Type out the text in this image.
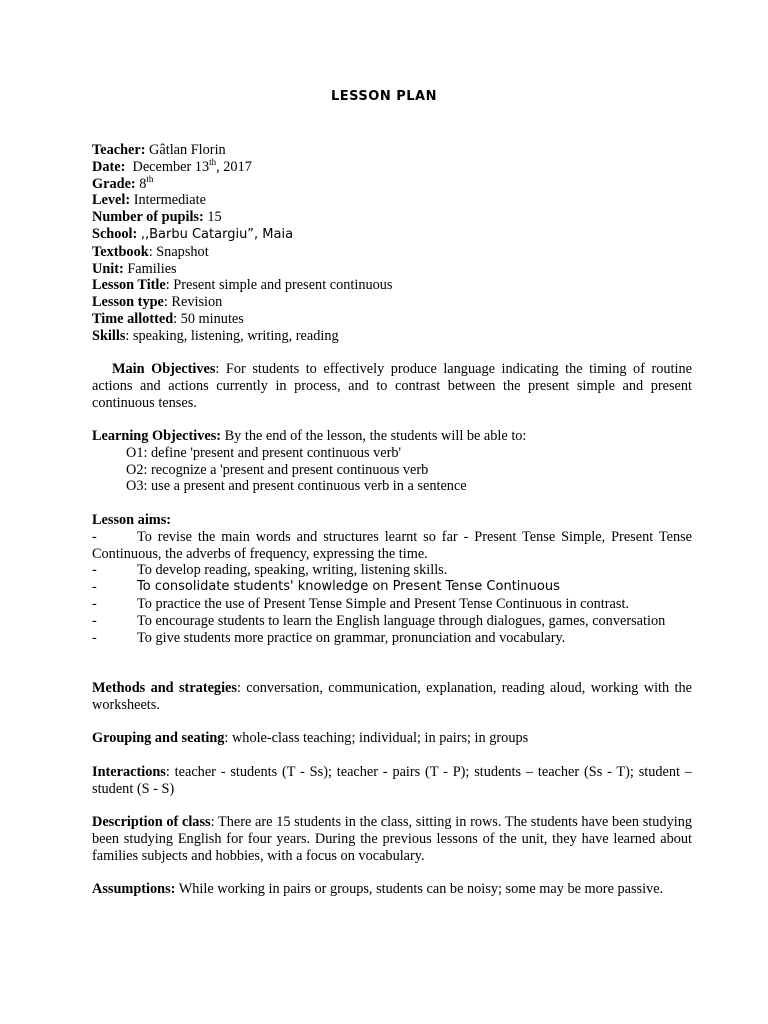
LESSON PLAN
Teacher: Gâtlan Florin
Date: December 13th, 2017
Grade: 8th
Level: Intermediate
Number of pupils: 15
School: ,,Barbu Catargiu”, Maia
Textbook: Snapshot
Unit: Families
Lesson Title: Present simple and present continuous
Lesson type: Revision
Time allotted: 50 minutes
Skills: speaking, listening, writing, reading
Main Objectives: For students to effectively produce language indicating the timing of routine actions and actions currently in process, and to contrast between the present simple and present continuous tenses.
Learning Objectives: By the end of the lesson, the students will be able to:
O1: define 'present and present continuous verb'
O2: recognize a 'present and present continuous verb
O3: use a present and present continuous verb in a sentence
Lesson aims:
-	To revise the main words and structures learnt so far - Present Tense Simple, Present Tense Continuous, the adverbs of frequency, expressing the time.
-	To develop reading, speaking, writing, listening skills.
-	To consolidate students' knowledge on Present Tense Continuous
-	To practice the use of Present Tense Simple and Present Tense Continuous in contrast.
-	To encourage students to learn the English language through dialogues, games, conversation
-	To give students more practice on grammar, pronunciation and vocabulary.
Methods and strategies: conversation, communication, explanation, reading aloud, working with the worksheets.
Grouping and seating: whole-class teaching; individual; in pairs; in groups
Interactions: teacher - students (T - Ss); teacher - pairs (T - P); students – teacher (Ss - T); student – student (S - S)
Description of class: There are 15 students in the class, sitting in rows. The students have been studying been studying English for four years. During the previous lessons of the unit, they have learned about families subjects and hobbies, with a focus on vocabulary.
Assumptions: While working in pairs or groups, students can be noisy; some may be more passive.
